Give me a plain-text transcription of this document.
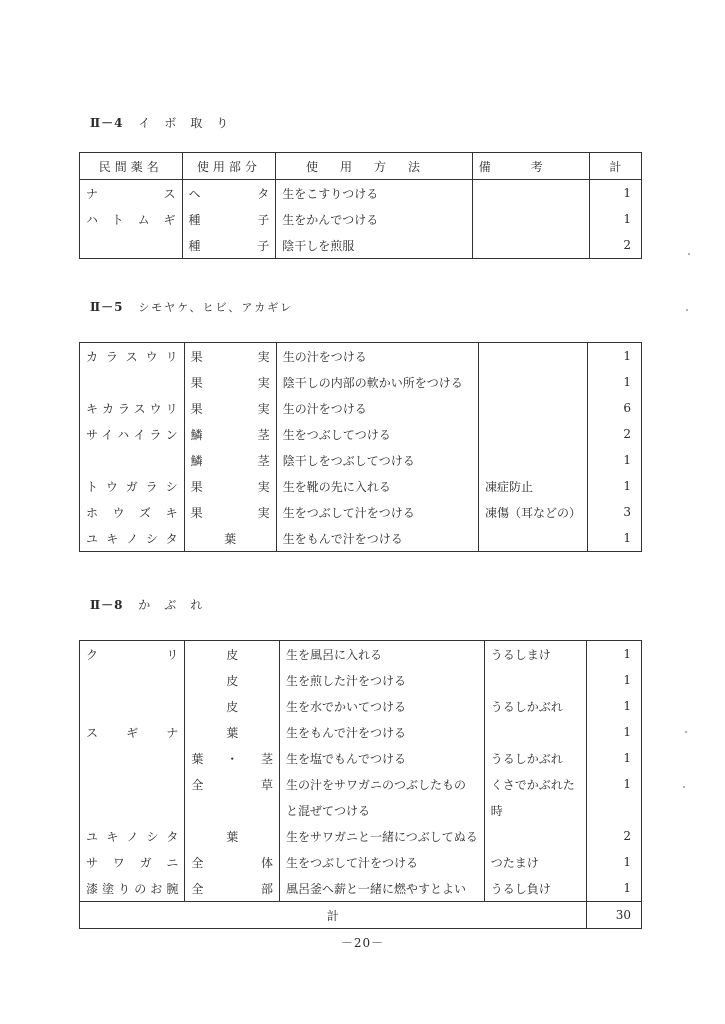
Ⅱ－4 イボ取り
民間薬名	使用部分	使用方法	備考	計
ナス	ヘタ	生をこすりつける		1
ハトムギ	種子	生をかんでつける		1
	種子	陰干しを煎服		2
Ⅱ－5 シモヤケ、ヒビ、アカギレ
カラスウリ	果実	生の汁をつける		1
	果実	陰干しの内部の軟かい所をつける		1
キカラスウリ	果実	生の汁をつける		6
サイハイラン	鱗茎	生をつぶしてつける		2
	鱗茎	陰干しをつぶしてつける		1
トウガラシ	果実	生を靴の先に入れる	凍症防止	1
ホウズキ	果実	生をつぶして汁をつける	凍傷（耳などの）	3
ユキノシタ	葉	生をもんで汁をつける		1
Ⅱ－8 かぶれ
クリ	皮	生を風呂に入れる	うるしまけ	1
	皮	生を煎した汁をつける		1
	皮	生を水でかいてつける	うるしかぶれ	1
スギナ	葉	生をもんで汁をつける		1
	葉・茎	生を塩でもんでつける	うるしかぶれ	1
	全草	生の汁をサワガニのつぶしたもの	くさでかぶれた	1
		と混ぜてつける	時	
ユキノシタ	葉	生をサワガニと一緒につぶしてぬる		2
サワガニ	全体	生をつぶして汁をつける	つたまけ	1
漆塗りのお腕	全部	風呂釜へ薪と一緒に燃やすとよい	うるし負け	1
計				30
－20－
